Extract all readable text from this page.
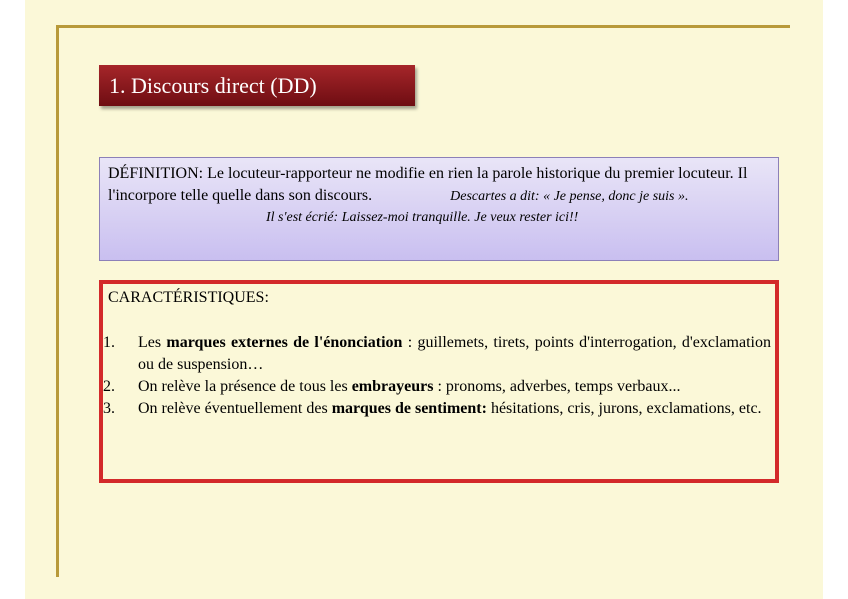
1. Discours direct (DD)
DÉFINITION: Le locuteur-rapporteur ne modifie en rien la parole historique du premier locuteur. Il l'incorpore telle quelle dans son discours.	Descartes a dit: « Je pense, donc je suis ».
Il s'est écrié: Laissez-moi tranquille. Je veux rester ici!!
CARACTÉRISTIQUES:
1. Les marques externes de l'énonciation : guillemets, tirets, points d'interrogation, d'exclamation ou de suspension…
2. On relève la présence de tous les embrayeurs : pronoms, adverbes, temps verbaux...
3. On relève éventuellement des marques de sentiment: hésitations, cris, jurons, exclamations, etc.
